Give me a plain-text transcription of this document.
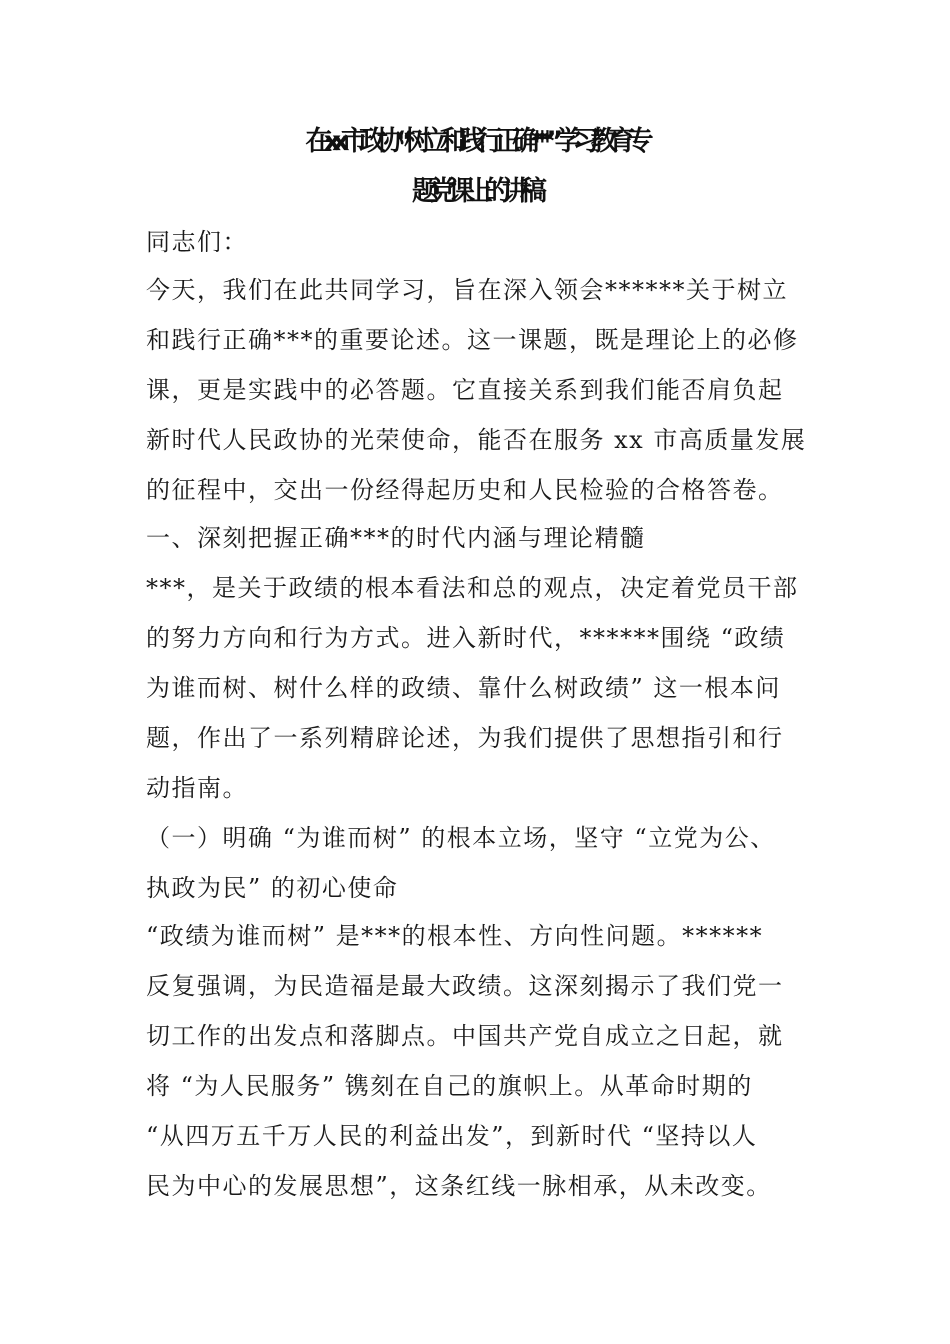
在 xx 市政协 “树立和践行正确***” 学习教育专
题党课上的讲稿
同志们：
今天，我们在此共同学习，旨在深入领会******关于树立
和践行正确***的重要论述。这一课题，既是理论上的必修
课，更是实践中的必答题。它直接关系到我们能否肩负起
新时代人民政协的光荣使命，能否在服务 xx 市高质量发展
的征程中，交出一份经得起历史和人民检验的合格答卷。
一、深刻把握正确***的时代内涵与理论精髓
***，是关于政绩的根本看法和总的观点，决定着党员干部
的努力方向和行为方式。进入新时代，******围绕 “政绩
为谁而树、树什么样的政绩、靠什么树政绩” 这一根本问
题，作出了一系列精辟论述，为我们提供了思想指引和行
动指南。
（一）明确 “为谁而树” 的根本立场，坚守 “立党为公、
执政为民” 的初心使命
“政绩为谁而树” 是***的根本性、方向性问题。******
反复强调，为民造福是最大政绩。这深刻揭示了我们党一
切工作的出发点和落脚点。中国共产党自成立之日起，就
将 “为人民服务” 镌刻在自己的旗帜上。从革命时期的
“从四万五千万人民的利益出发”，到新时代 “坚持以人
民为中心的发展思想”，这条红线一脉相承，从未改变。
